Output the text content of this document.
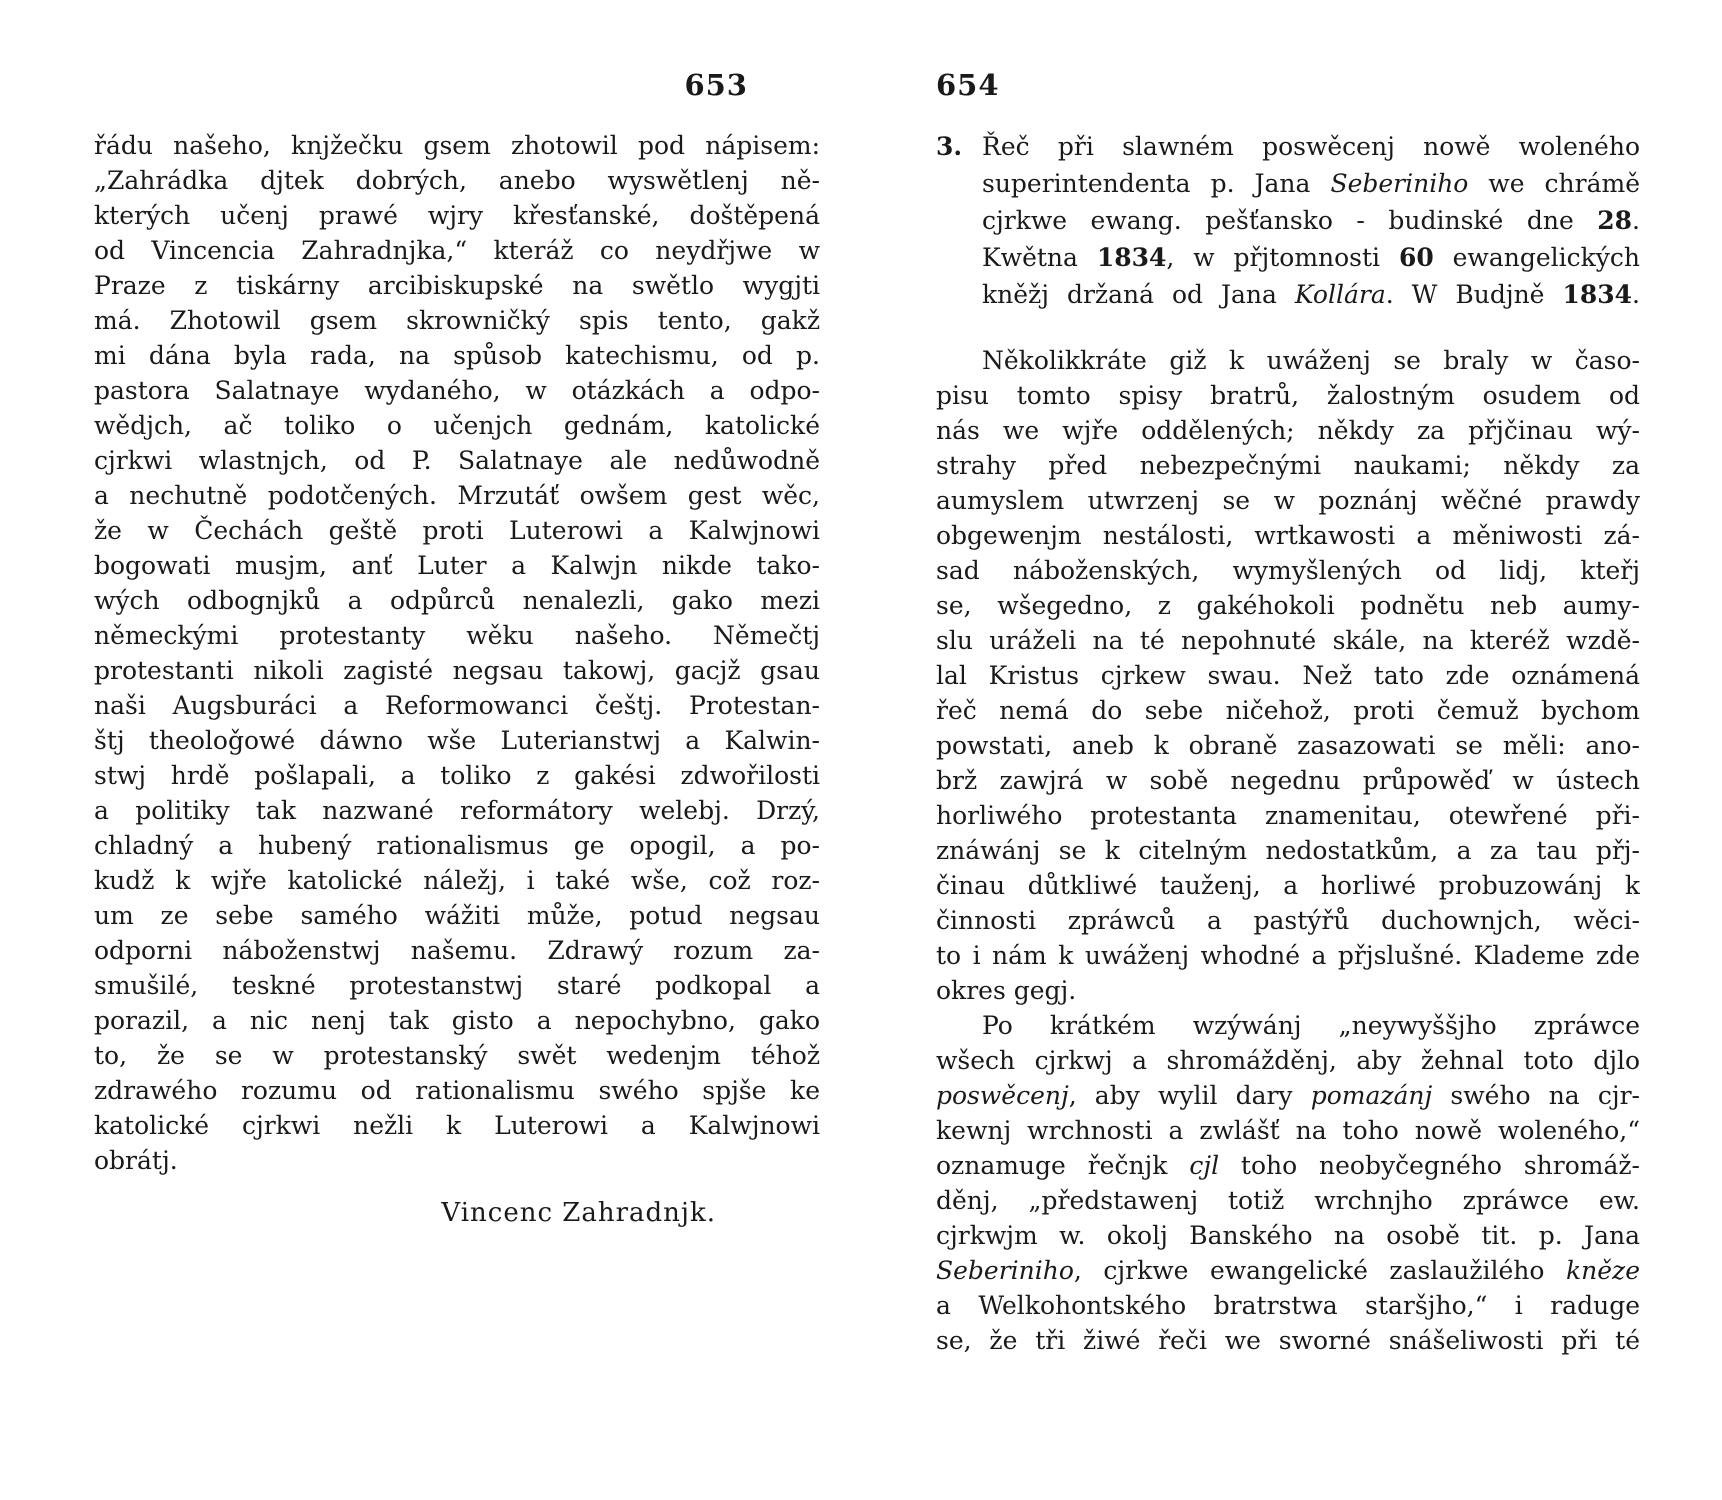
653
řádu našeho, knjžečku gsem zhotowil pod nápisem:
„Zahrádka djtek dobrých, anebo wyswětlenj ně-
kterých učenj prawé wjry křesťanské, doštěpená
od Vincencia Zahradnjka,“ kteráž co neydřjwe w
Praze z tiskárny arcibiskupské na swětlo wygjti
má. Zhotowil gsem skrowničký spis tento, gakž
mi dána byla rada, na spůsob katechismu, od p.
pastora Salatnaye wydaného, w otázkách a odpo-
wědjch, ač toliko o učenjch gednám, katolické
cjrkwi wlastnjch, od P. Salatnaye ale nedůwodně
a nechutně podotčených. Mrzutáť owšem gest wěc,
že w Čechách geště proti Luterowi a Kalwjnowi
bogowati musjm, anť Luter a Kalwjn nikde tako-
wých odbognjků a odpůrců nenalezli, gako mezi
německými protestanty wěku našeho. Němečtj
protestanti nikoli zagisté negsau takowj, gacjž gsau
naši Augsburáci a Reformowanci češtj. Protestan-
štj theoloǧowé dáwno wše Luterianstwj a Kalwin-
stwj hrdě pošlapali, a toliko z gakési zdwořilosti
a politiky tak nazwané reformátory welebj. Drzý,
chladný a hubený rationalismus ge opogil, a po-
kudž k wjře katolické náležj, i také wše, což roz-
um ze sebe samého wážiti může, potud negsau
odporni náboženstwj našemu. Zdrawý rozum za-
smušilé, teskné protestanstwj staré podkopal a
porazil, a nic nenj tak gisto a nepochybno, gako
to, že se w protestanský swět wedenjm téhož
zdrawého rozumu od rationalismu swého spjše ke
katolické cjrkwi nežli k Luterowi a Kalwjnowi
obrátj.
Vincenc Zahradnjk.
654
3. Řeč při slawném poswěcenj nowě woleného
superintendenta p. Jana Seberiniho we chrámě
cjrkwe ewang. pešťansko - budinské dne 28.
Kwětna 1834, w přjtomnosti 60 ewangelických
kněžj držaná od Jana Kollára. W Budjně 1834.
Několikkráte giž k uwáženj se braly w časo-
pisu tomto spisy bratrů, žalostným osudem od
nás we wjře oddělených; někdy za přjčinau wý-
strahy před nebezpečnými naukami; někdy za
aumyslem utwrzenj se w poznánj wěčné prawdy
obgewenjm nestálosti, wrtkawosti a měniwosti zá-
sad náboženských, wymyšlených od lidj, kteřj
se, wšegedno, z gakéhokoli podnětu neb aumy-
slu uráželi na té nepohnuté skále, na kteréž wzdě-
lal Kristus cjrkew swau. Než tato zde oznámená
řeč nemá do sebe ničehož, proti čemuž bychom
powstati, aneb k obraně zasazowati se měli: ano-
brž zawjrá w sobě negednu průpowěď w ústech
horliwého protestanta znamenitau, otewřené při-
znáwánj se k citelným nedostatkům, a za tau přj-
činau důtkliwé tauženj, a horliwé probuzowánj k
činnosti zpráwců a pastýřů duchownjch, wěci-
to i nám k uwáženj whodné a přjslušné. Klademe zde
okres gegj.
Po krátkém wzýwánj „neywyššjho zpráwce
wšech cjrkwj a shromážděnj, aby žehnal toto djlo
poswěcenj, aby wylil dary pomazánj swého na cjr-
kewnj wrchnosti a zwlášť na toho nowě woleného,“
oznamuge řečnjk cjl toho neobyčegného shromáž-
děnj, „předstawenj totiž wrchnjho zpráwce ew.
cjrkwjm w. okolj Banského na osobě tit. p. Jana
Seberiniho, cjrkwe ewangelické zaslaužilého kněze
a Welkohontského bratrstwa staršjho,“ i raduge
se, že tři žiwé řeči we sworné snášeliwosti při té
